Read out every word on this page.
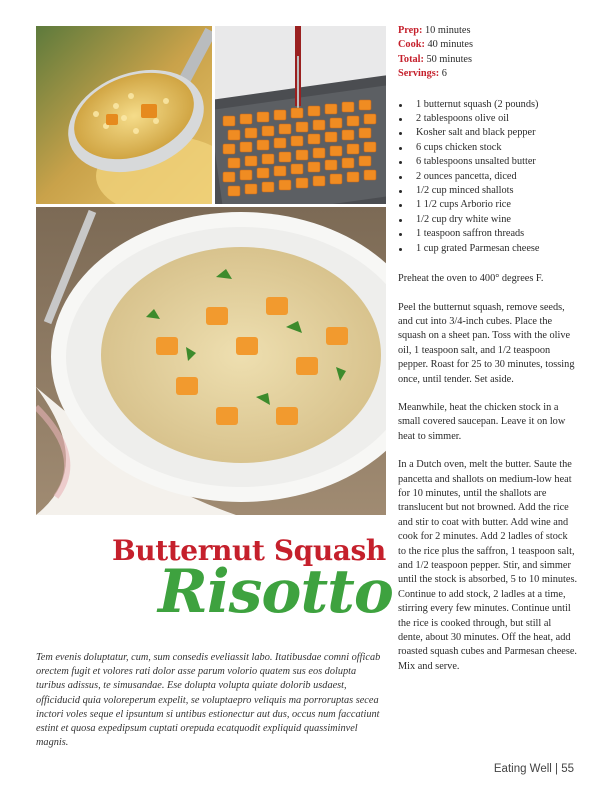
Butternut Squash
Risotto
Tem evenis doluptatur, cum, sum consedis eveliassit labo. Itatibusdae comni officab orectem fugit et volores rati dolor asse parum volorio quatem sus eos dolupta turibus adissus, te simusandae. Ese dolupta volupta quiate dolorib usdaest, officiducid quia voloreperum expelit, se voluptaepro veliquis ma porroruptas secea inctori voles seque el ipsuntum si untibus estionectur aut dus, occus num faccatiunt estint et quosa expedipsum cuptati orepuda ecatquodit expliquid quassiminvel magnis.
Prep: 10 minutes
Cook: 40 minutes
Total: 50 minutes
Servings: 6
1 butternut squash (2 pounds)
2 tablespoons olive oil
Kosher salt and black pepper
6 cups chicken stock
6 tablespoons unsalted butter
2 ounces pancetta, diced
1/2 cup minced shallots
1 1/2 cups Arborio rice
1/2 cup dry white wine
1 teaspoon saffron threads
1 cup grated Parmesan cheese

Preheat the oven to 400° degrees F.

Peel the butternut squash, remove seeds, and cut into 3/4-inch cubes. Place the squash on a sheet pan. Toss with the olive oil, 1 teaspoon salt, and 1/2 teaspoon pepper. Roast for 25 to 30 minutes, tossing once, until tender. Set aside.

Meanwhile, heat the chicken stock in a small covered saucepan. Leave it on low heat to simmer.

In a Dutch oven, melt the butter. Saute the pancetta and shallots on medium-low heat for 10 minutes, until the shallots are translucent but not browned. Add the rice and stir to coat with butter. Add wine and cook for 2 minutes. Add 2 ladles of stock to the rice plus the saffron, 1 teaspoon salt, and 1/2 teaspoon pepper. Stir, and simmer until the stock is absorbed, 5 to 10 minutes. Continue to add stock, 2 ladles at a time, stirring every few minutes. Continue until the rice is cooked through, but still al dente, about 30 minutes. Off the heat, add roasted squash cubes and Parmesan cheese. Mix and serve.

Eating Well | 55
